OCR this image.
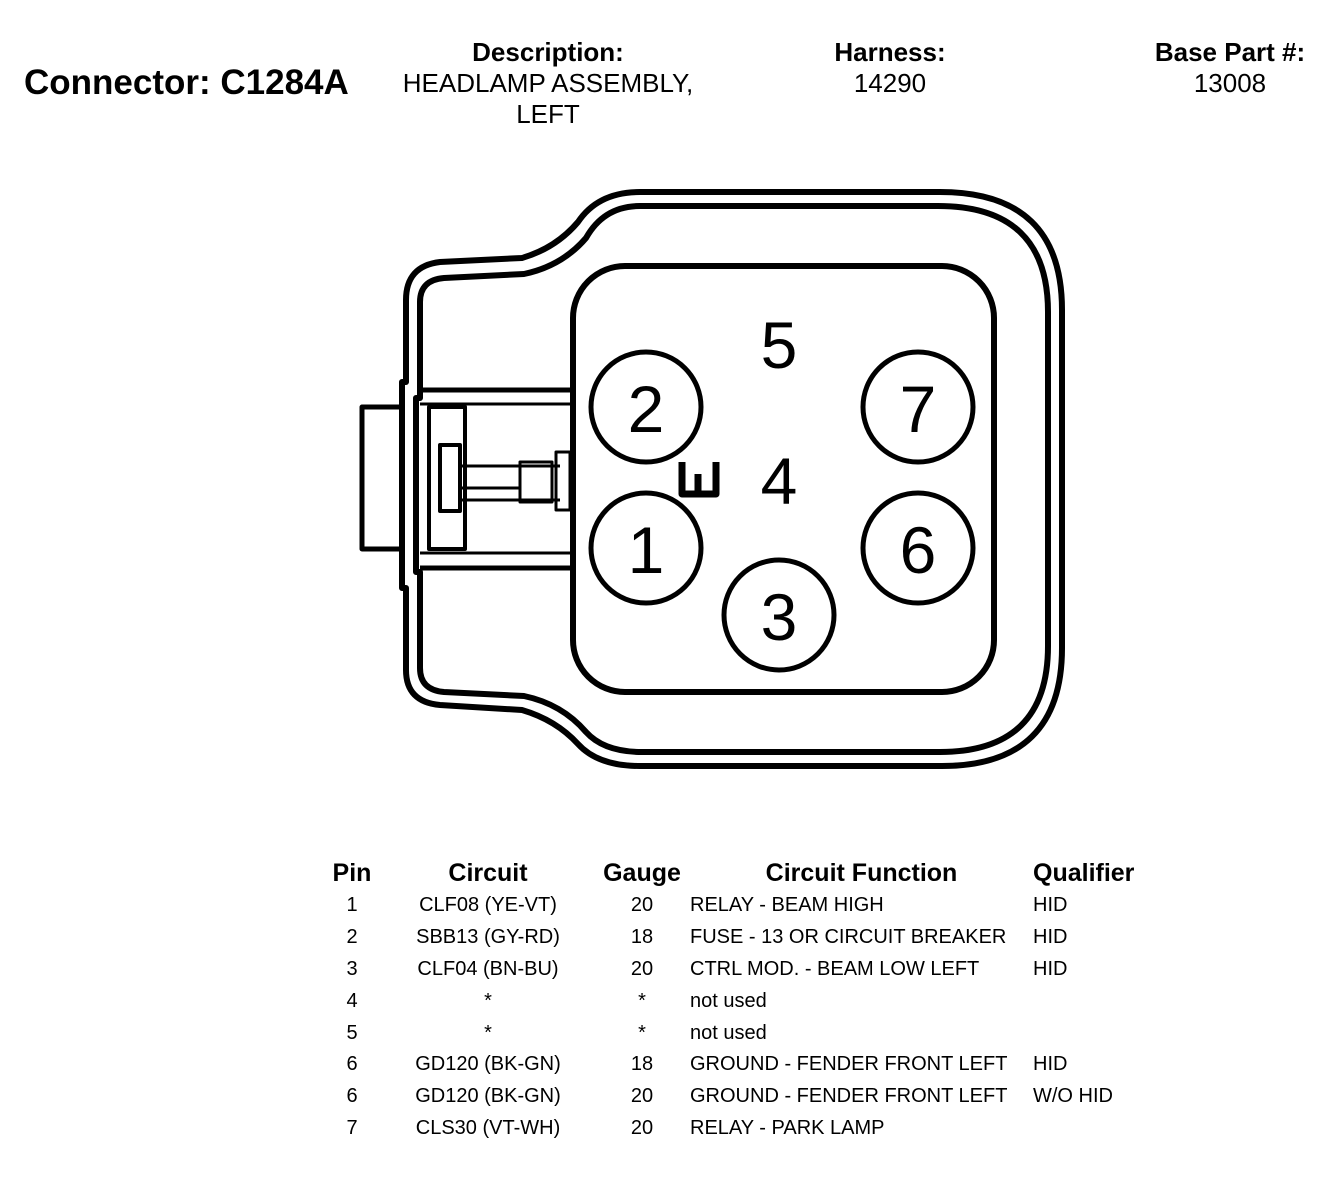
Connector: C1284A
Description:
HEADLAMP ASSEMBLY,
LEFT
Harness:
14290
Base Part #:
13008
5
2	7
4
1	6
3
Pin	Circuit	Gauge	Circuit Function	Qualifier
1	CLF08 (YE-VT)	20	RELAY - BEAM HIGH	HID
2	SBB13 (GY-RD)	18	FUSE - 13 OR CIRCUIT BREAKER	HID
3	CLF04 (BN-BU)	20	CTRL MOD. - BEAM LOW LEFT	HID
4	*	*	not used	
5	*	*	not used	
6	GD120 (BK-GN)	18	GROUND - FENDER FRONT LEFT	HID
6	GD120 (BK-GN)	20	GROUND - FENDER FRONT LEFT	W/O HID
7	CLS30 (VT-WH)	20	RELAY - PARK LAMP	
